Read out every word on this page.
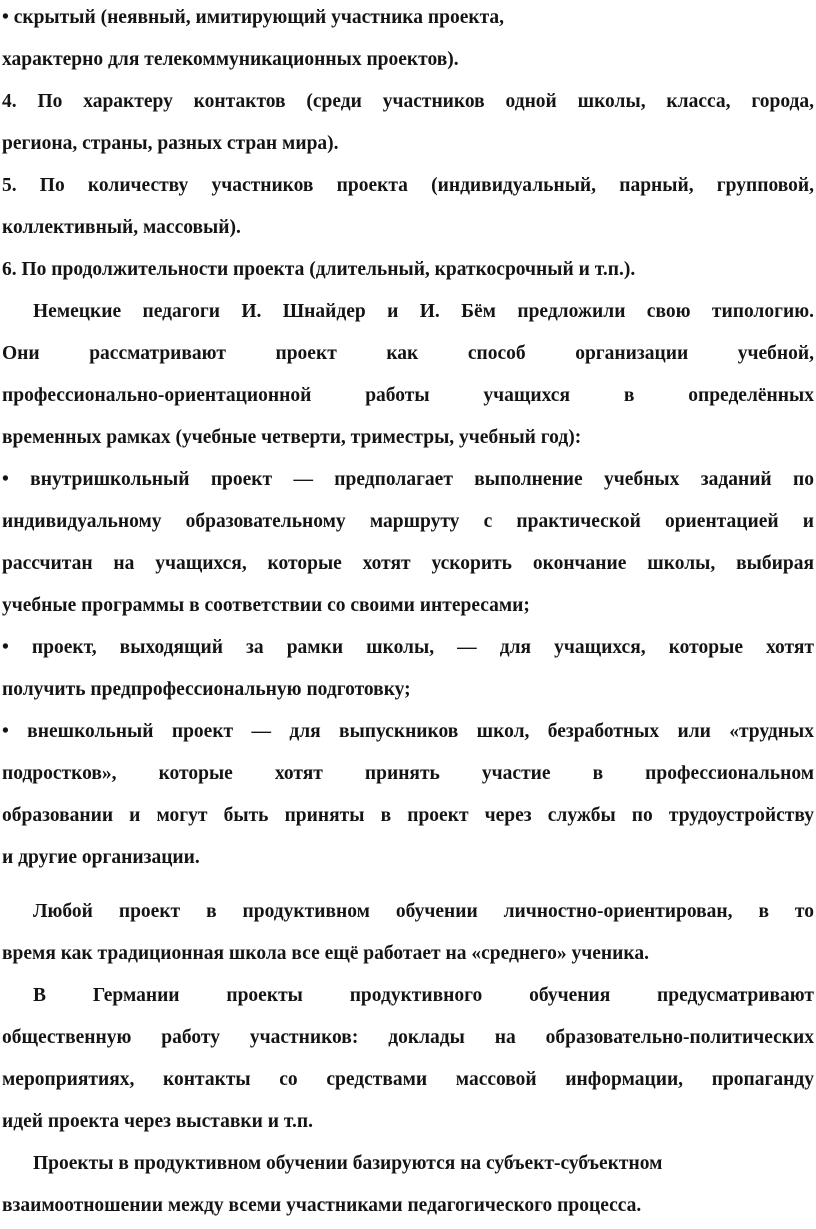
• скрытый (неявный, имитирующий участника проекта,
характерно для телекоммуникационных проектов).
4. По характеру контактов (среди участников одной школы, класса, города,
региона, страны, разных стран мира).
5. По количеству участников проекта (индивидуальный, парный, групповой,
коллективный, массовый).
6. По продолжительности проекта (длительный, краткосрочный и т.п.).
Немецкие педагоги И. Шнайдер и И. Бём предложили свою типологию.
Они рассматривают проект как способ организации учебной,
профессионально-ориентационной работы учащихся в определённых
временных рамках (учебные четверти, триместры, учебный год):
• внутришкольный проект — предполагает выполнение учебных заданий по
индивидуальному образовательному маршруту с практической ориентацией и
рассчитан на учащихся, которые хотят ускорить окончание школы, выбирая
учебные программы в соответствии со своими интересами;
• проект, выходящий за рамки школы, — для учащихся, которые хотят
получить предпрофессиональную подготовку;
• внешкольный проект — для выпускников школ, безработных или «трудных
подростков», которые хотят принять участие в профессиональном
образовании и могут быть приняты в проект через службы по трудоустройству
и другие организации.
Любой проект в продуктивном обучении личностно-ориентирован, в то
время как традиционная школа все ещё работает на «среднего» ученика.
В Германии проекты продуктивного обучения предусматривают
общественную работу участников: доклады на образовательно-политических
мероприятиях, контакты со средствами массовой информации, пропаганду
идей проекта через выставки и т.п.
Проекты в продуктивном обучении базируются на субъект-субъектном
взаимоотношении между всеми участниками педагогического процесса.
